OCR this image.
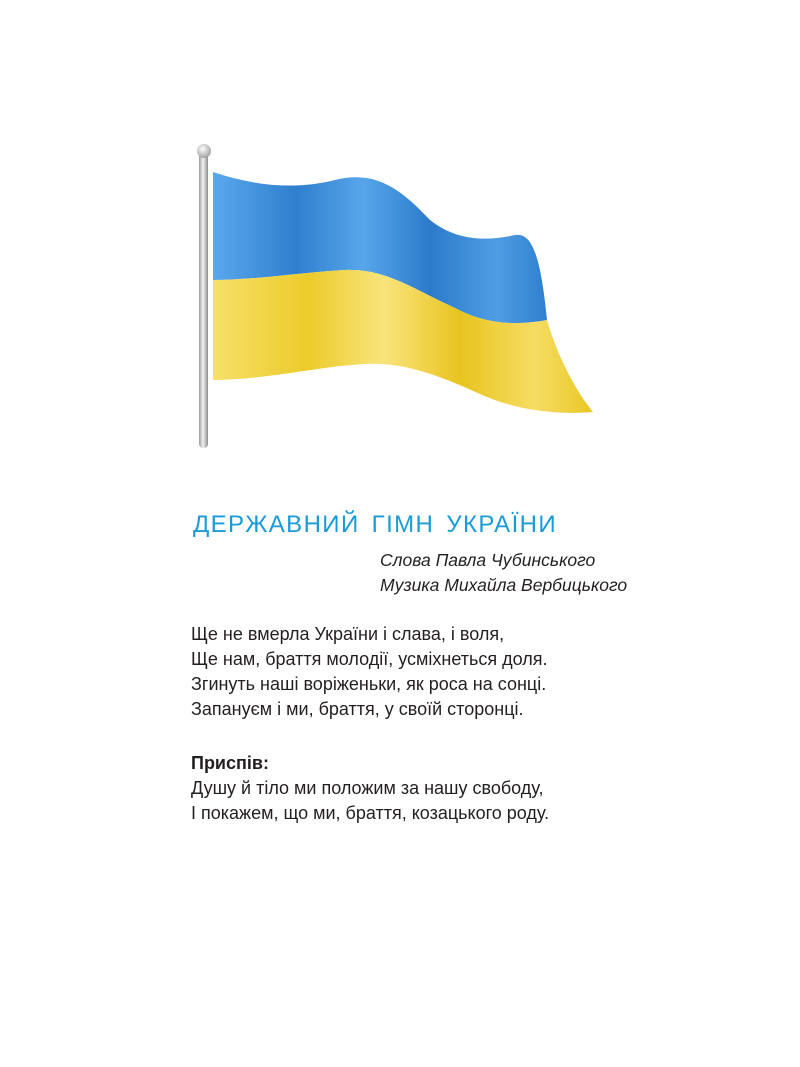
ДЕРЖАВНИЙ ГІМН УКРАЇНИ
Слова Павла Чубинського
Музика Михайла Вербицького
Ще не вмерла України і слава, і воля,
Ще нам, браття молодії, усміхнеться доля.
Згинуть наші воріженьки, як роса на сонці.
Запануєм і ми, браття, у своїй сторонці.
Приспів:
Душу й тіло ми положим за нашу свободу,
І покажем, що ми, браття, козацького роду.
